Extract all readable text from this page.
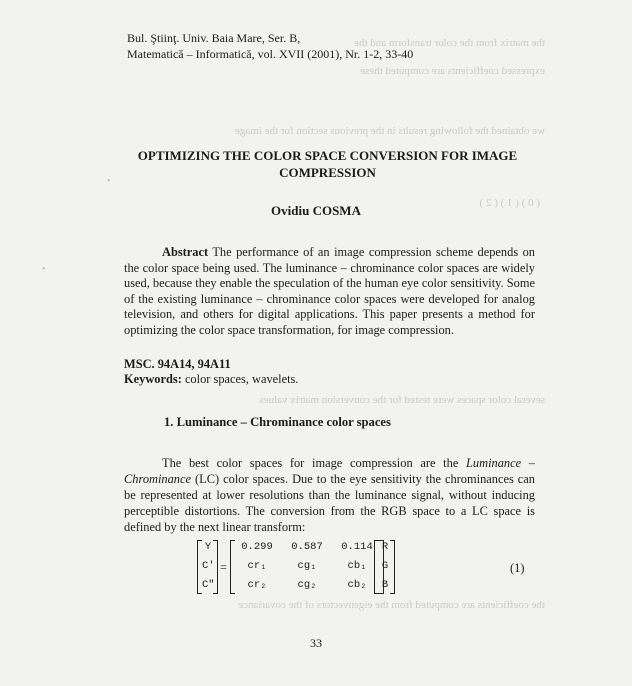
the matrix from the color transform and the
expressed coefficients are computed these
we obtained the following results in the previous section for the image
( 0 ) ( 1 ) ( 2 )
several color spaces were tested for the conversion matrix values
the coefficients are computed from the eigenvectors of the covariance
•
•
Bul. Ştiinţ. Univ. Baia Mare, Ser. B,
Matematică – Informatică, vol. XVII (2001), Nr. 1-2, 33-40
OPTIMIZING THE COLOR SPACE CONVERSION FOR IMAGE
COMPRESSION
Ovidiu COSMA

Abstract The performance of an image compression scheme depends on the color space being used. The luminance – chrominance color spaces are widely used, because they enable the speculation of the human eye color sensitivity. Some of the existing luminance – chrominance color spaces were developed for analog television, and others for digital applications. This paper presents a method for optimizing the color space transformation, for image compression.

MSC. 94A14, 94A11
Keywords: color spaces, wavelets.
1. Luminance – Chrominance color spaces

The best color spaces for image compression are the Luminance – Chrominance (LC) color spaces. Due to the eye sensitivity the chrominances can be represented at lower resolutions than the luminance signal, without inducing perceptible distortions. The conversion from the RGB space to a LC space is defined by the next linear transform:

Y
C'
C"
=
0.299
cr₁
cr₂
0.587
cg₁
cg₂
0.114
cb₁
cb₂
R
G
B
(1)
33
